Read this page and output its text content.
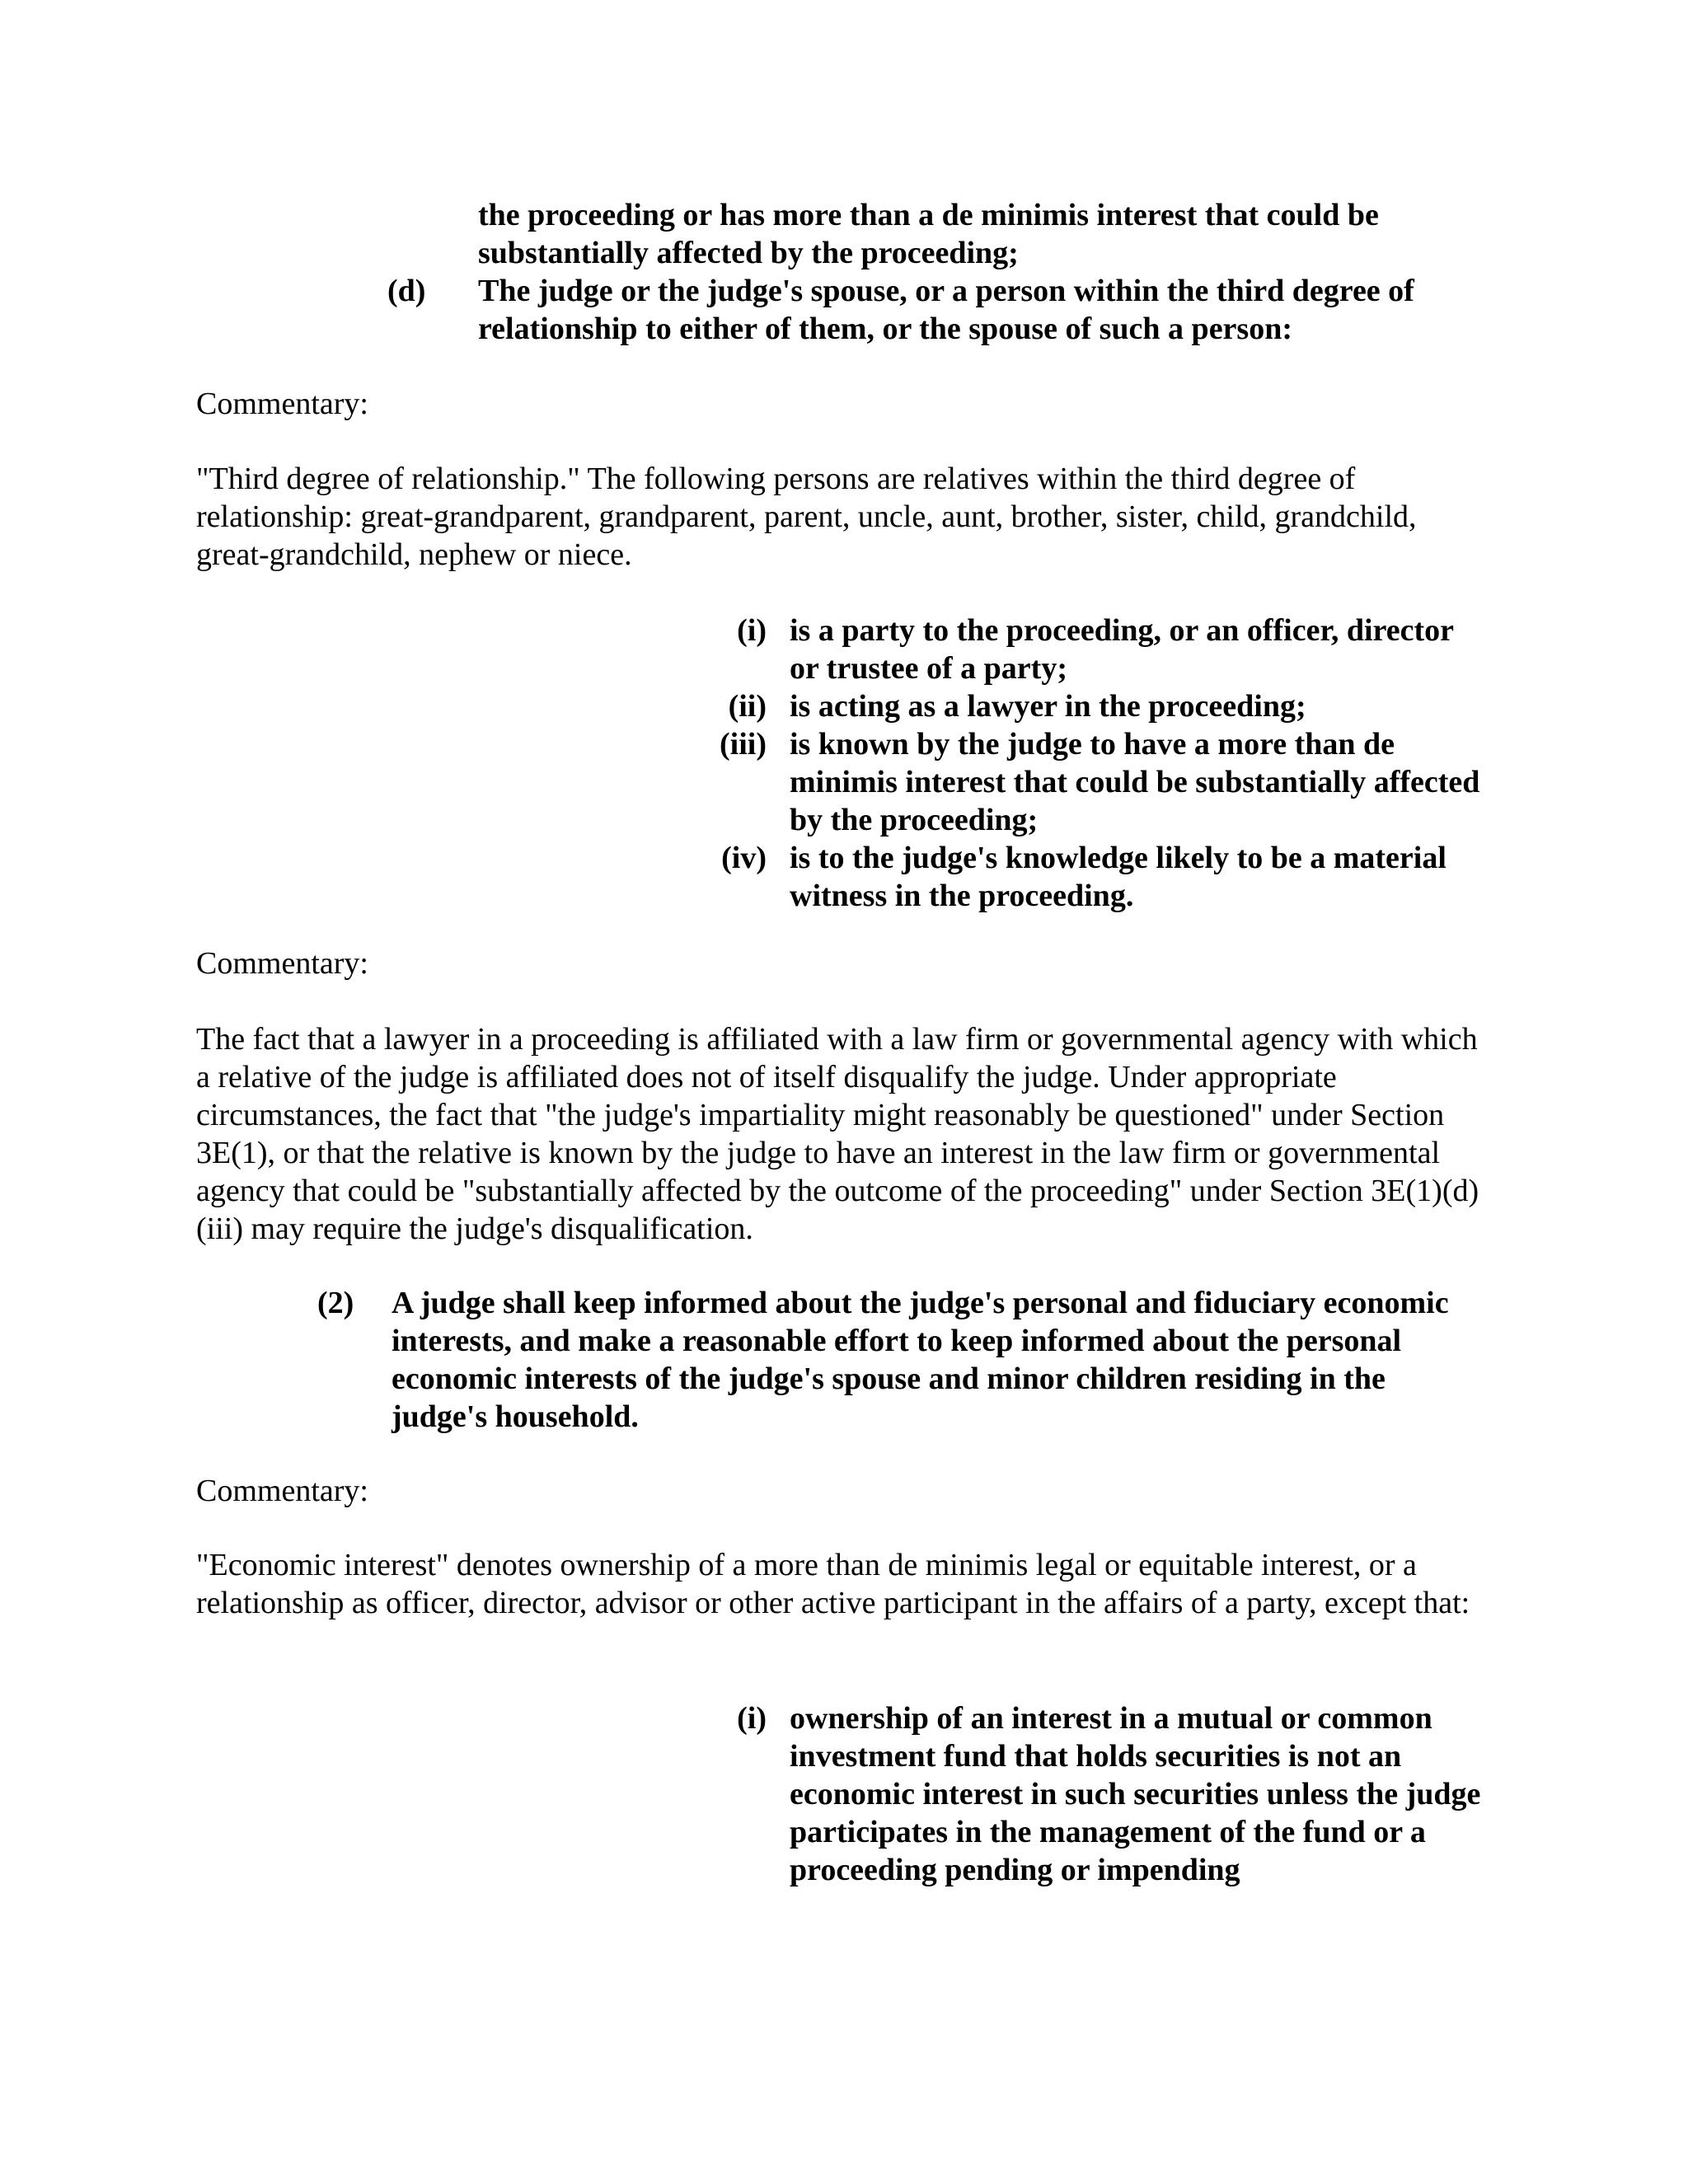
the proceeding or has more than a de minimis interest that could be substantially affected by the proceeding;

(d)	The judge or the judge's spouse, or a person within the third degree of relationship to either of them, or the spouse of such a person:

Commentary:

"Third degree of relationship." The following persons are relatives within the third degree of relationship: great-grandparent, grandparent, parent, uncle, aunt, brother, sister, child, grandchild, great-grandchild, nephew or niece.

(i) is a party to the proceeding, or an officer, director or trustee of a party;
(ii) is acting as a lawyer in the proceeding;
(iii) is known by the judge to have a more than de minimis interest that could be substantially affected by the proceeding;
(iv) is to the judge's knowledge likely to be a material witness in the proceeding.

Commentary:

The fact that a lawyer in a proceeding is affiliated with a law firm or governmental agency with which a relative of the judge is affiliated does not of itself disqualify the judge. Under appropriate circumstances, the fact that "the judge's impartiality might reasonably be questioned" under Section 3E(1), or that the relative is known by the judge to have an interest in the law firm or governmental agency that could be "substantially affected by the outcome of the proceeding" under Section 3E(1)(d)(iii) may require the judge's disqualification.

(2)	A judge shall keep informed about the judge's personal and fiduciary economic interests, and make a reasonable effort to keep informed about the personal economic interests of the judge's spouse and minor children residing in the judge's household.

Commentary:

"Economic interest" denotes ownership of a more than de minimis legal or equitable interest, or a relationship as officer, director, advisor or other active participant in the affairs of a party, except that:

(i) ownership of an interest in a mutual or common investment fund that holds securities is not an economic interest in such securities unless the judge participates in the management of the fund or a proceeding pending or impending
